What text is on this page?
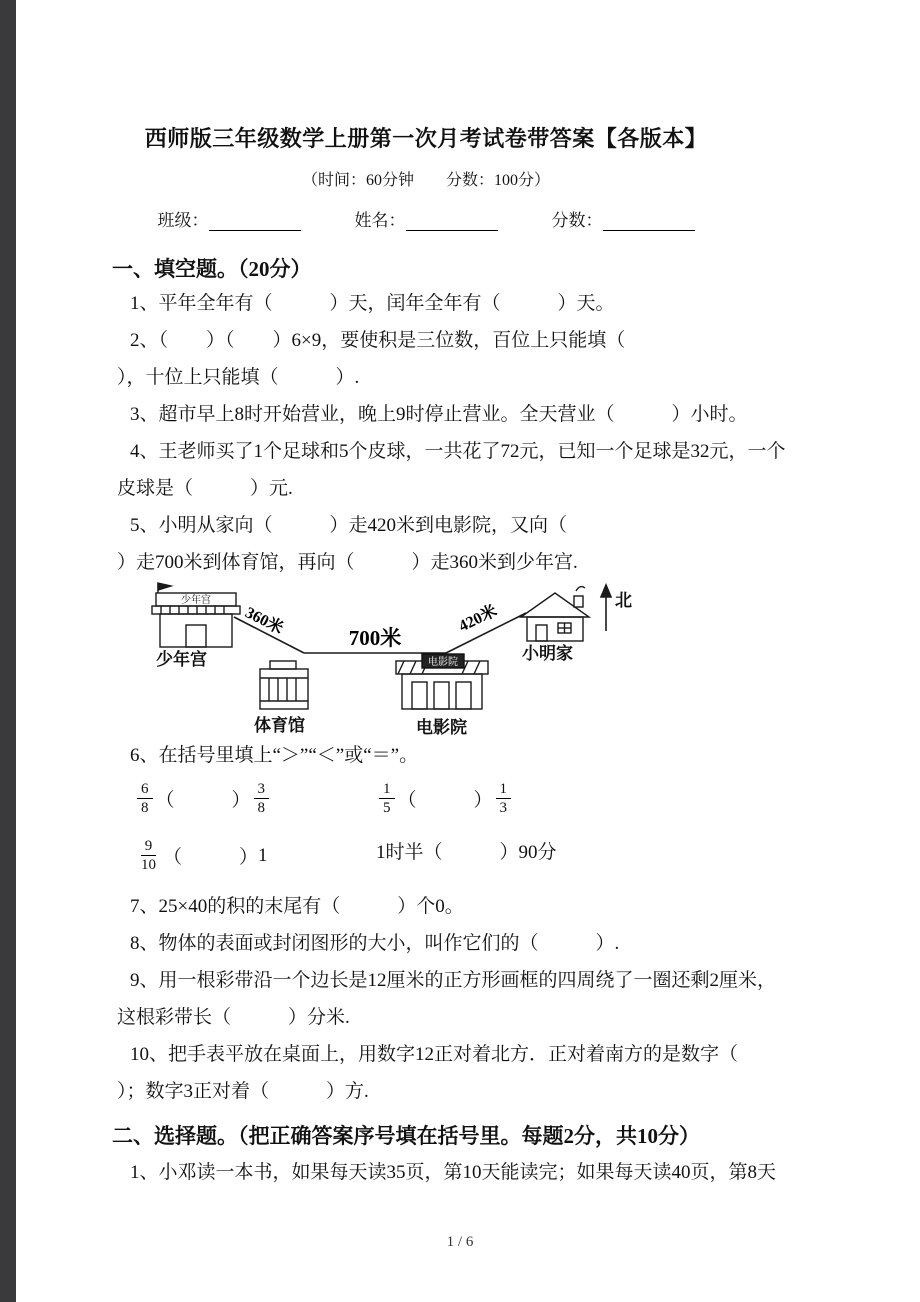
西师版三年级数学上册第一次月考试卷带答案【各版本】
（时间：60分钟　　分数：100分）
班级：	姓名：	分数：
一、填空题。（20分）
1、平年全年有（　　　）天，闰年全年有（　　　）天。
2、（　　）（　　）6×9，要使积是三位数，百位上只能填（
），十位上只能填（　　　）.
3、超市早上8时开始营业，晚上9时停止营业。全天营业（　　　）小时。
4、王老师买了1个足球和5个皮球，一共花了72元，已知一个足球是32元，一个
皮球是（　　　）元.
5、小明从家向（　　　）走420米到电影院，又向（
）走700米到体育馆，再向（　　　）走360米到少年宫.
360米
700米
420米
少年宫
少年宫
体育馆
电影院
电影院
小明家
北
6、在括号里填上“＞”“＜”或“＝”。
$\frac{6}{8}$ （　　　） $\frac{3}{8}$	$\frac{1}{5}$ （　　　） $\frac{1}{3}$
$\frac{9}{10}$ （　　　） 1	1时半（　　　）90分
7、25×40的积的末尾有（　　　）个0。
8、物体的表面或封闭图形的大小，叫作它们的（　　　）.
9、用一根彩带沿一个边长是12厘米的正方形画框的四周绕了一圈还剩2厘米，
这根彩带长（　　　）分米.
10、把手表平放在桌面上，用数字12正对着北方．正对着南方的是数字（
）；数字3正对着（　　　）方.
二、选择题。（把正确答案序号填在括号里。每题2分，共10分）
1、小邓读一本书，如果每天读35页，第10天能读完；如果每天读40页，第8天
1 / 6
